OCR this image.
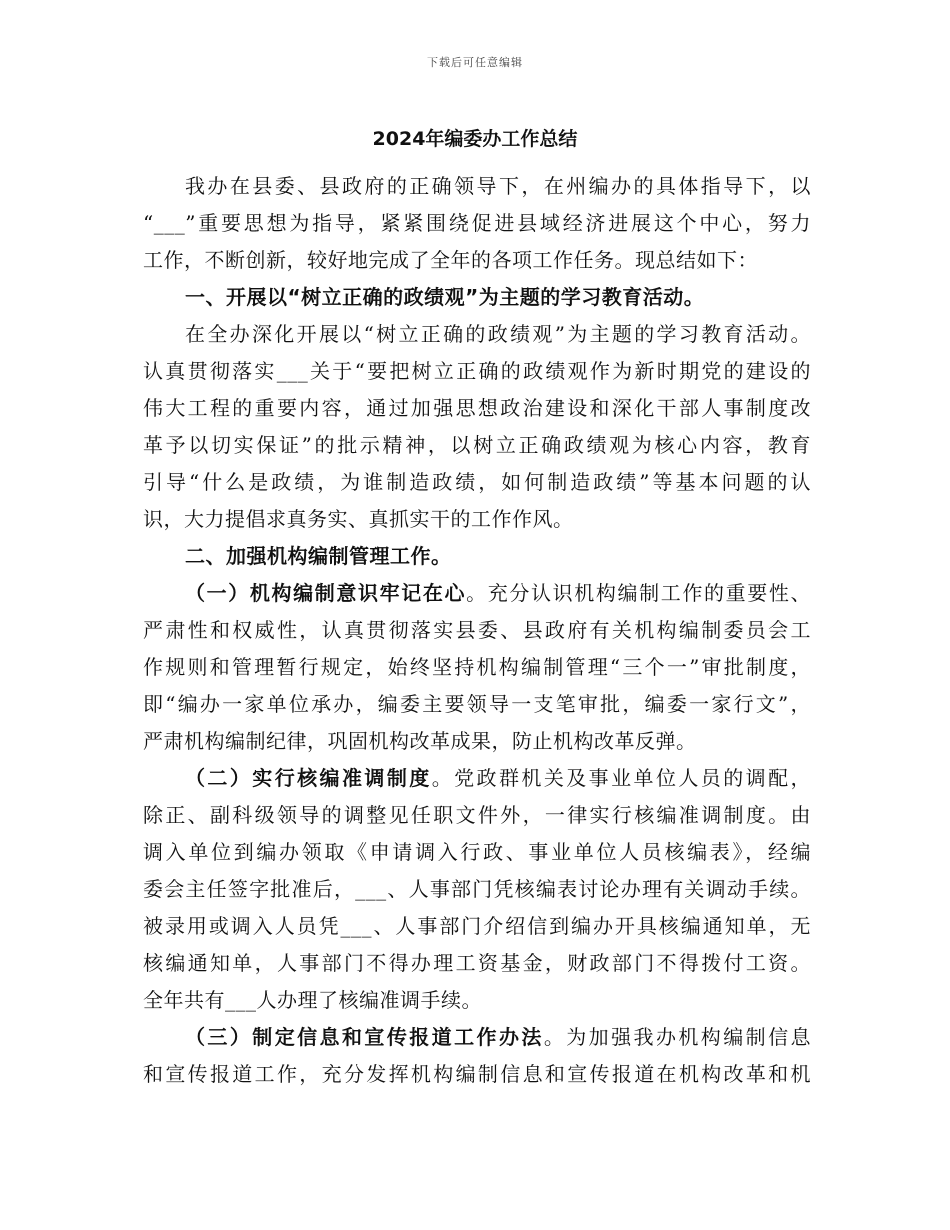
下载后可任意编辑
2024年编委办工作总结
我办在县委、县政府的正确领导下，在州编办的具体指导下，以
“___”重要思想为指导，紧紧围绕促进县域经济进展这个中心，努力
工作，不断创新，较好地完成了全年的各项工作任务。现总结如下：
一、开展以“树立正确的政绩观”为主题的学习教育活动。
在全办深化开展以“树立正确的政绩观”为主题的学习教育活动。
认真贯彻落实___关于“要把树立正确的政绩观作为新时期党的建设的
伟大工程的重要内容，通过加强思想政治建设和深化干部人事制度改
革予以切实保证”的批示精神，以树立正确政绩观为核心内容，教育
引导“什么是政绩，为谁制造政绩，如何制造政绩”等基本问题的认
识，大力提倡求真务实、真抓实干的工作作风。
二、加强机构编制管理工作。
（一）机构编制意识牢记在心。充分认识机构编制工作的重要性、
严肃性和权威性，认真贯彻落实县委、县政府有关机构编制委员会工
作规则和管理暂行规定，始终坚持机构编制管理“三个一”审批制度，
即“编办一家单位承办，编委主要领导一支笔审批，编委一家行文”，
严肃机构编制纪律，巩固机构改革成果，防止机构改革反弹。
（二）实行核编准调制度。党政群机关及事业单位人员的调配，
除正、副科级领导的调整见任职文件外，一律实行核编准调制度。由
调入单位到编办领取《申请调入行政、事业单位人员核编表》，经编
委会主任签字批准后，___、人事部门凭核编表讨论办理有关调动手续。
被录用或调入人员凭___、人事部门介绍信到编办开具核编通知单，无
核编通知单，人事部门不得办理工资基金，财政部门不得拨付工资。
全年共有___人办理了核编准调手续。
（三）制定信息和宣传报道工作办法。为加强我办机构编制信息
和宣传报道工作，充分发挥机构编制信息和宣传报道在机构改革和机
